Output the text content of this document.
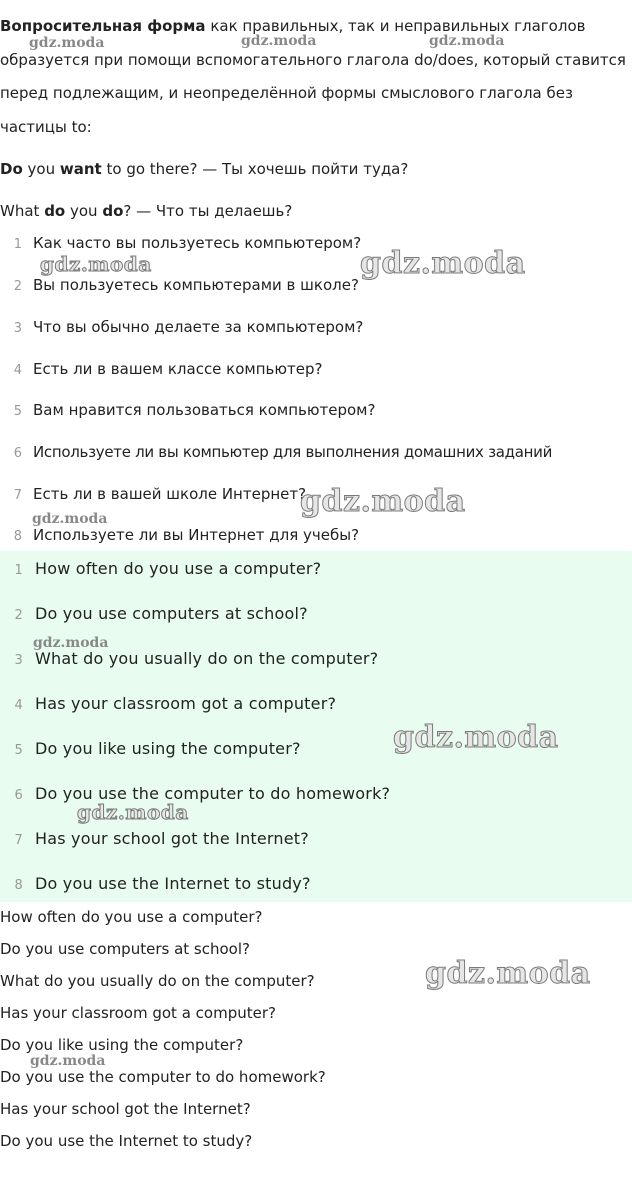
Вопросительная форма как правильных, так и неправильных глаголов
образуется при помощи вспомогательного глагола do/does, который ставится
перед подлежащим, и неопределённой формы смыслового глагола без
частицы to:
Do you want to go there? — Ты хочешь пойти туда?
What do you do? — Что ты делаешь?
1 Как часто вы пользуетесь компьютером?
2 Вы пользуетесь компьютерами в школе?
3 Что вы обычно делаете за компьютером?
4 Есть ли в вашем классе компьютер?
5 Вам нравится пользоваться компьютером?
6 Используете ли вы компьютер для выполнения домашних заданий
7 Есть ли в вашей школе Интернет?
8 Используете ли вы Интернет для учебы?
1 How often do you use a computer?
2 Do you use computers at school?
3 What do you usually do on the computer?
4 Has your classroom got a computer?
5 Do you like using the computer?
6 Do you use the computer to do homework?
7 Has your school got the Internet?
8 Do you use the Internet to study?
How often do you use a computer?
Do you use computers at school?
What do you usually do on the computer?
Has your classroom got a computer?
Do you like using the computer?
Do you use the computer to do homework?
Has your school got the Internet?
Do you use the Internet to study?
gdz.moda	gdz.moda	gdz.moda
gdz.moda	gdz.moda
gdz.moda
gdz.moda
gdz.moda
gdz.moda
gdz.moda
gdz.moda
gdz.moda
